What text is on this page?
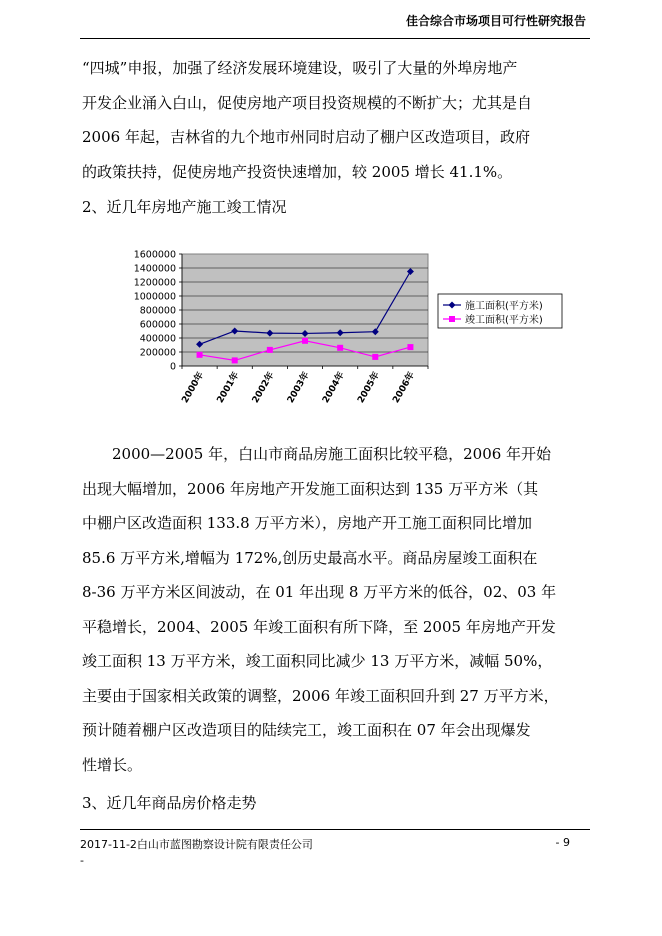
佳合综合市场项目可行性研究报告
“四城”申报，加强了经济发展环境建设，吸引了大量的外埠房地产
开发企业涌入白山，促使房地产项目投资规模的不断扩大；尤其是自
2006 年起，吉林省的九个地市州同时启动了棚户区改造项目，政府
的政策扶持，促使房地产投资快速增加，较 2005 增长 41.1%。
2、近几年房地产施工竣工情况
0
200000
400000
600000
800000
1000000
1200000
1400000
1600000
2000年 2001年 2002年 2003年 2004年 2005年 2006年
施工面积(平方米)
竣工面积(平方米)
2000—2005 年，白山市商品房施工面积比较平稳，2006 年开始
出现大幅增加，2006 年房地产开发施工面积达到 135 万平方米（其
中棚户区改造面积 133.8 万平方米），房地产开工施工面积同比增加
85.6 万平方米,增幅为 172%,创历史最高水平。商品房屋竣工面积在
8-36 万平方米区间波动，在 01 年出现 8 万平方米的低谷，02、03 年
平稳增长，2004、2005 年竣工面积有所下降，至 2005 年房地产开发
竣工面积 13 万平方米，竣工面积同比减少 13 万平方米，减幅 50%，
主要由于国家相关政策的调整，2006 年竣工面积回升到 27 万平方米，
预计随着棚户区改造项目的陆续完工，竣工面积在 07 年会出现爆发
性增长。
3、近几年商品房价格走势
2017-11-2白山市蓝图勘察设计院有限责任公司	- 9
-
